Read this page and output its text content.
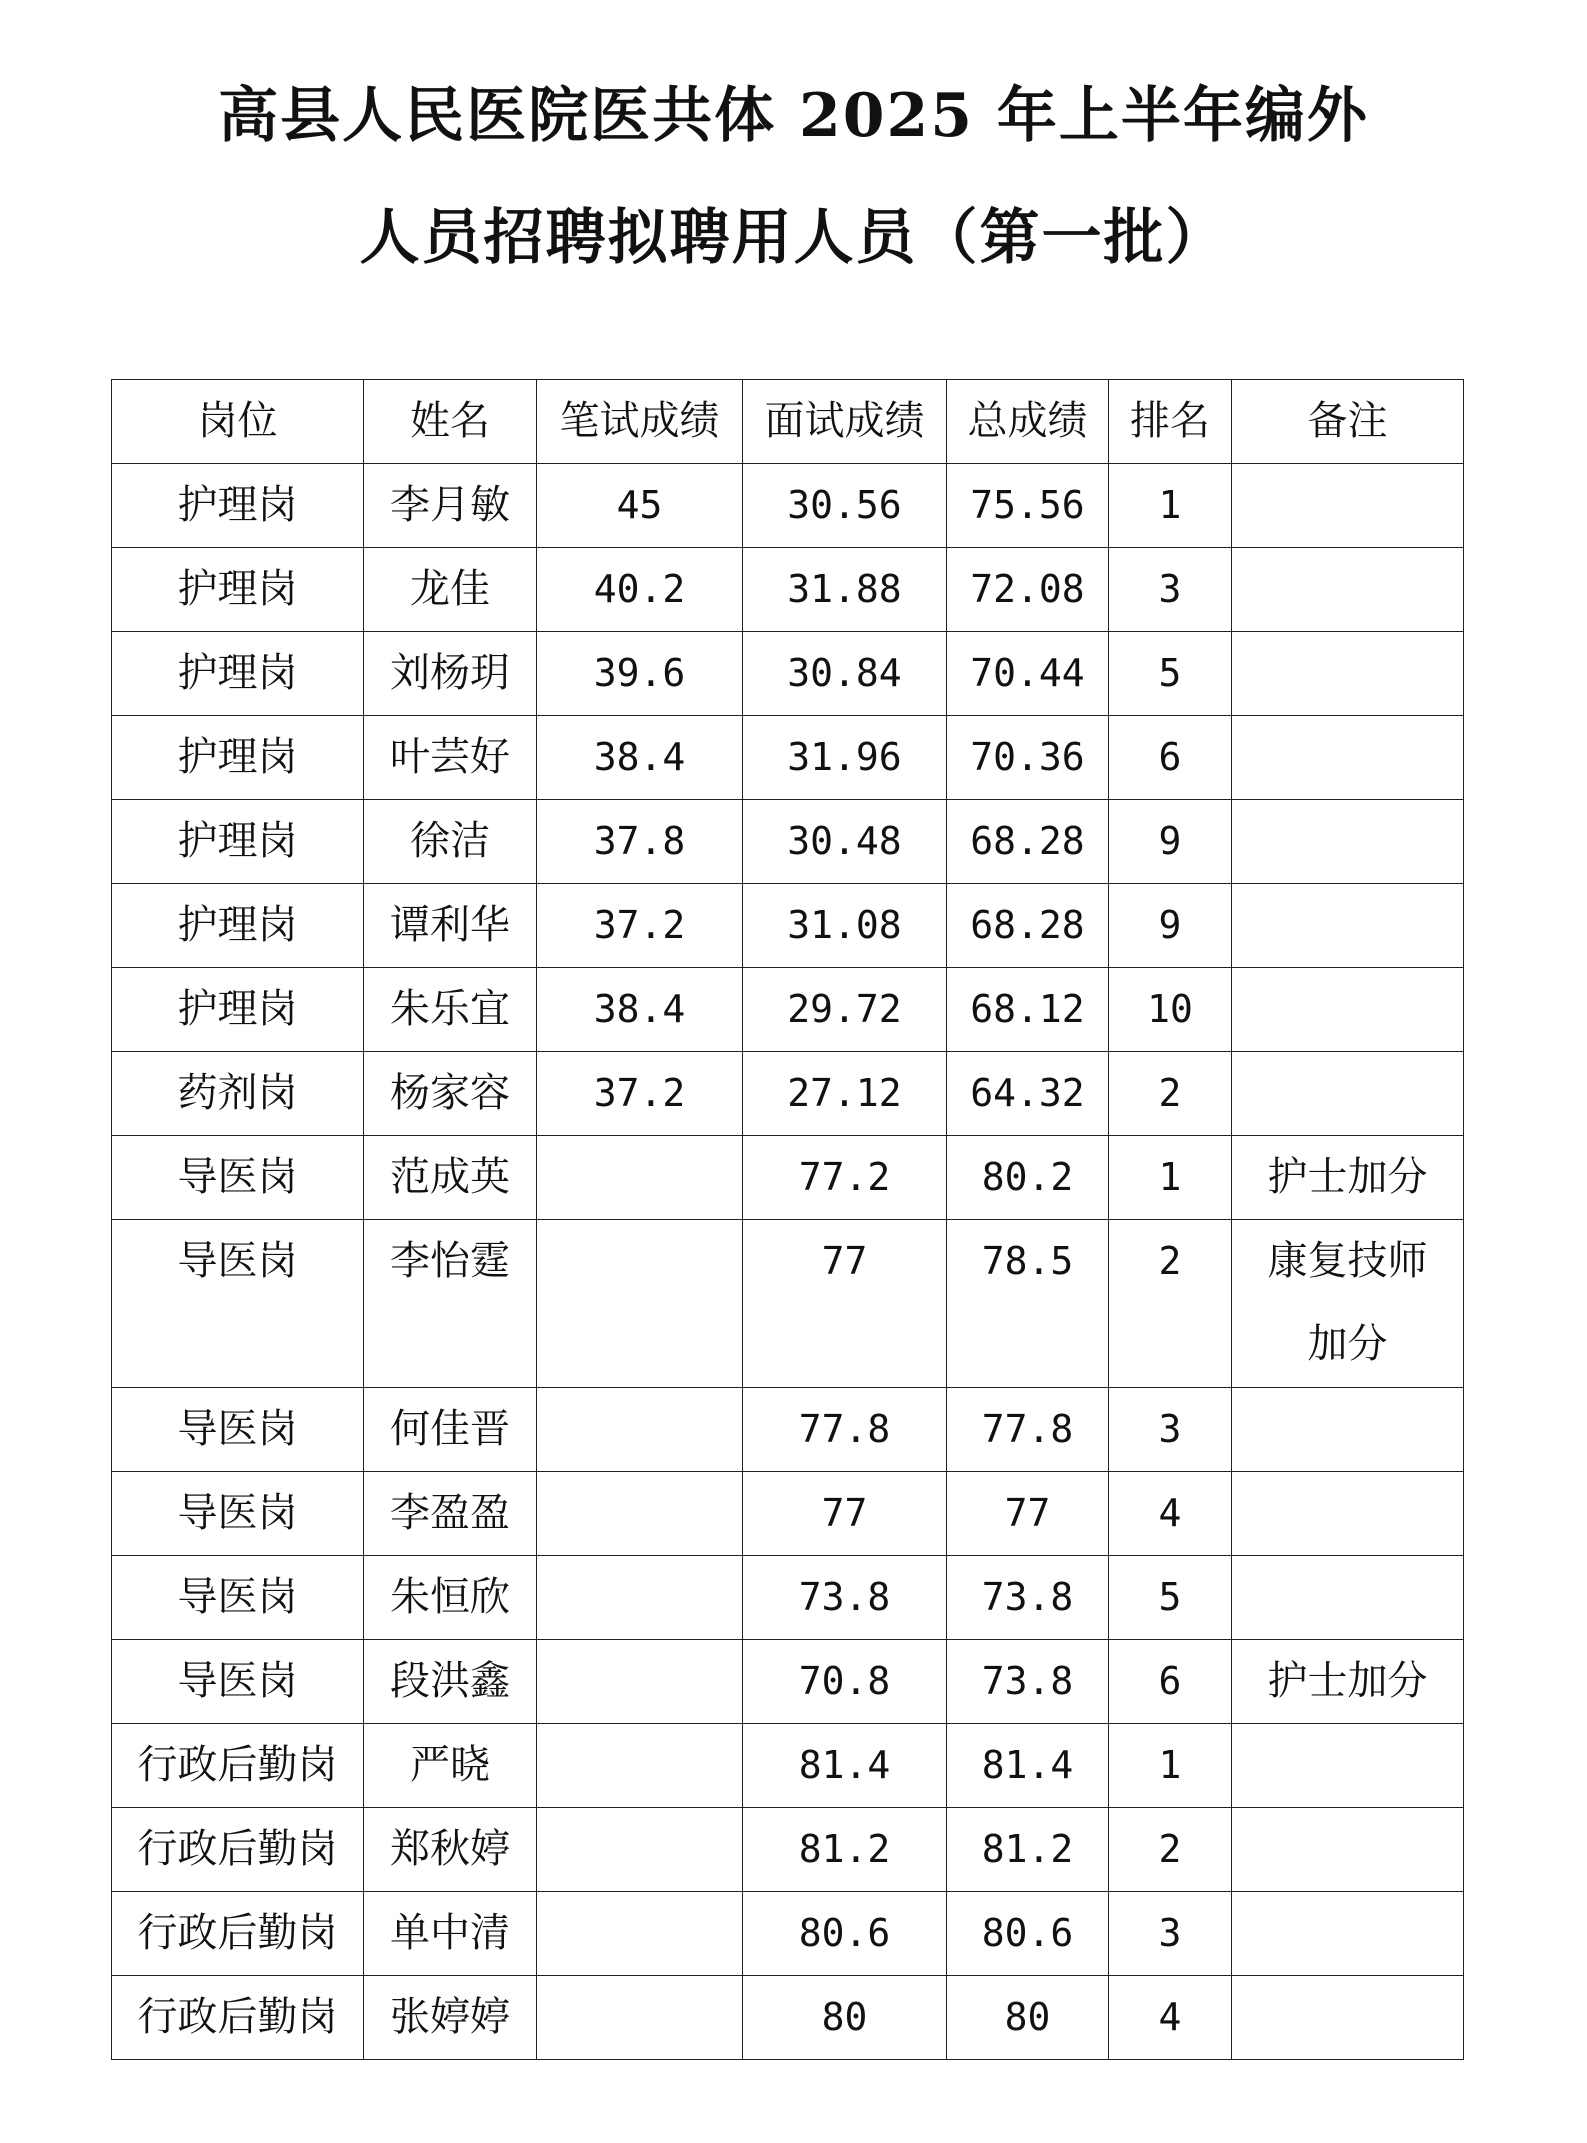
高县人民医院医共体 2025 年上半年编外
人员招聘拟聘用人员（第一批）
岗位	姓名	笔试成绩	面试成绩	总成绩	排名	备注
护理岗	李月敏	45	30.56	75.56	1	
护理岗	龙佳	40.2	31.88	72.08	3	
护理岗	刘杨玥	39.6	30.84	70.44	5	
护理岗	叶芸好	38.4	31.96	70.36	6	
护理岗	徐洁	37.8	30.48	68.28	9	
护理岗	谭利华	37.2	31.08	68.28	9	
护理岗	朱乐宜	38.4	29.72	68.12	10	
药剂岗	杨家容	37.2	27.12	64.32	2	
导医岗	范成英		77.2	80.2	1	护士加分
导医岗	李怡霆		77	78.5	2	康复技师
加分

导医岗	何佳晋		77.8	77.8	3	
导医岗	李盈盈		77	77	4	
导医岗	朱恒欣		73.8	73.8	5	
导医岗	段洪鑫		70.8	73.8	6	护士加分
行政后勤岗	严晓		81.4	81.4	1	
行政后勤岗	郑秋婷		81.2	81.2	2	
行政后勤岗	单中清		80.6	80.6	3	
行政后勤岗	张婷婷		80	80	4	
